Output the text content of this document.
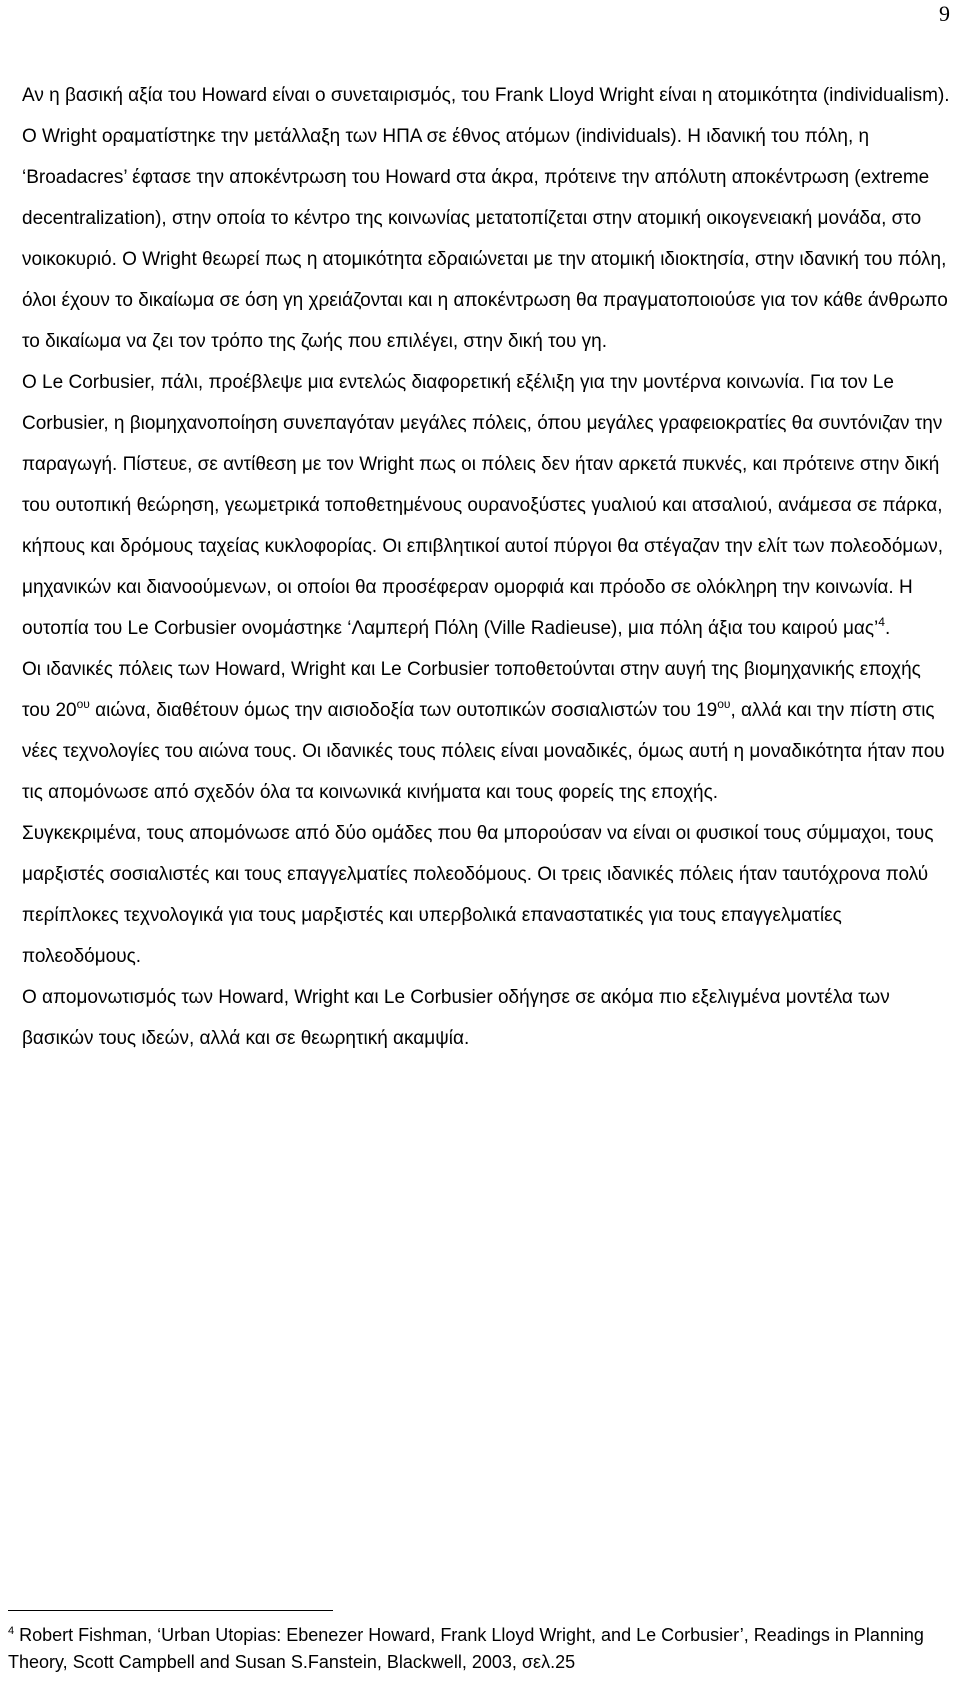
9

Αν η βασική αξία του Howard είναι ο συνεταιρισμός, του Frank Lloyd Wright είναι η ατομικότητα (individualism). Ο Wright οραματίστηκε την μετάλλαξη των ΗΠΑ σε έθνος ατόμων (individuals). Η ιδανική του πόλη, η ‘Broadacres’ έφτασε την αποκέντρωση του Howard στα άκρα, πρότεινε την απόλυτη αποκέντρωση (extreme decentralization), στην οποία το κέντρο της κοινωνίας μετατοπίζεται στην ατομική οικογενειακή μονάδα, στο νοικοκυριό. Ο Wright θεωρεί πως η ατομικότητα εδραιώνεται με την ατομική ιδιοκτησία, στην ιδανική του πόλη, όλοι έχουν το δικαίωμα σε όση γη χρειάζονται και η αποκέντρωση θα πραγματοποιούσε για τον κάθε άνθρωπο το δικαίωμα να ζει τον τρόπο της ζωής που επιλέγει, στην δική του γη.

Ο Le Corbusier, πάλι, προέβλεψε μια εντελώς διαφορετική εξέλιξη για την μοντέρνα κοινωνία. Για τον Le Corbusier, η βιομηχανοποίηση συνεπαγόταν μεγάλες πόλεις, όπου μεγάλες γραφειοκρατίες θα συντόνιζαν την παραγωγή. Πίστευε, σε αντίθεση με τον Wright πως οι πόλεις δεν ήταν αρκετά πυκνές, και πρότεινε στην δική του ουτοπική θεώρηση, γεωμετρικά τοποθετημένους ουρανοξύστες γυαλιού και ατσαλιού, ανάμεσα σε πάρκα, κήπους και δρόμους ταχείας κυκλοφορίας. Οι επιβλητικοί αυτοί πύργοι θα στέγαζαν την ελίτ των πολεοδόμων, μηχανικών και διανοούμενων, οι οποίοι θα προσέφεραν ομορφιά και πρόοδο σε ολόκληρη την κοινωνία. Η ουτοπία του Le Corbusier ονομάστηκε ‘Λαμπερή Πόλη (Ville Radieuse), μια πόλη άξια του καιρού μας’$^4$.

Οι ιδανικές πόλεις των Howard, Wright και Le Corbusier τοποθετούνται στην αυγή της βιομηχανικής εποχής του $20^{o\upsilon}$ αιώνα, διαθέτουν όμως την αισιοδοξία των ουτοπικών σοσιαλιστών του $19^{o\upsilon}$, αλλά και την πίστη στις νέες τεχνολογίες του αιώνα τους. Οι ιδανικές τους πόλεις είναι μοναδικές, όμως αυτή η μοναδικότητα ήταν που τις απομόνωσε από σχεδόν όλα τα κοινωνικά κινήματα και τους φορείς της εποχής.

Συγκεκριμένα, τους απομόνωσε από δύο ομάδες που θα μπορούσαν να είναι οι φυσικοί τους σύμμαχοι, τους μαρξιστές σοσιαλιστές και τους επαγγελματίες πολεοδόμους. Οι τρεις ιδανικές πόλεις ήταν ταυτόχρονα πολύ περίπλοκες τεχνολογικά για τους μαρξιστές και υπερβολικά επαναστατικές για τους επαγγελματίες πολεοδόμους.

Ο απομονωτισμός των Howard, Wright και Le Corbusier οδήγησε σε ακόμα πιο εξελιγμένα μοντέλα των βασικών τους ιδεών, αλλά και σε θεωρητική ακαμψία.

$^4$ Robert Fishman, ‘Urban Utopias: Ebenezer Howard, Frank Lloyd Wright, and Le Corbusier’, Readings in Planning Theory, Scott Campbell and Susan S.Fanstein, Blackwell, 2003, σελ.25
